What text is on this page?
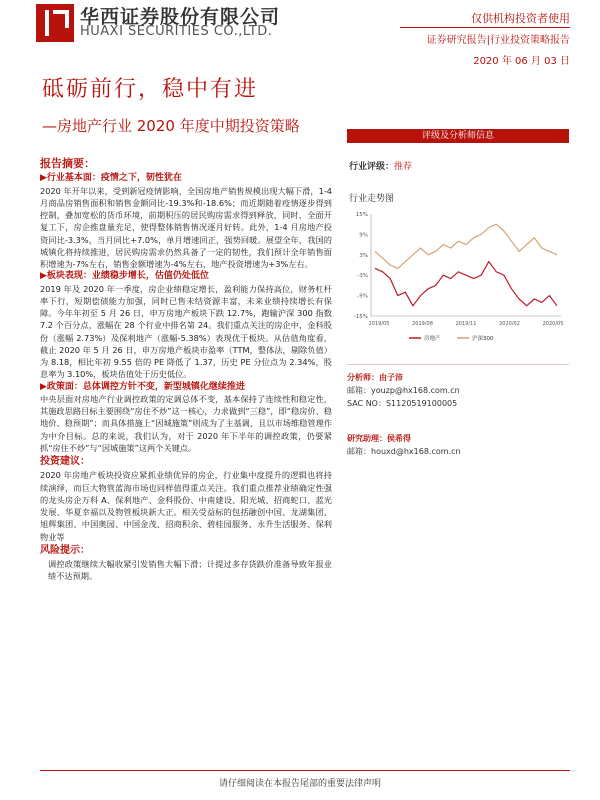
华西证券股份有限公司
HUAXI SECURITIES CO.,LTD.
仅供机构投资者使用
证券研究报告|行业投资策略报告
2020 年 06 月 03 日
砥砺前行，稳中有进
—房地产行业 2020 年度中期投资策略
报告摘要：
▶行业基本面：疫情之下，韧性犹在

2020 年开年以来，受到新冠疫情影响，全国房地产销售规模出现大幅下滑，1-4 月商品房销售面积和销售金额同比-19.3%和-18.6%；而近期随着疫情逐步得到控制，叠加宽松的货币环境，前期积压的居民购房需求得到释放，同时，全面开复工下，房企推盘量充足，使得整体销售情况逐月好转。此外，1-4 月房地产投资同比-3.3%，当月同比+7.0%，单月增速回正，强势回暖。展望全年，我国的城镇化将持续推进，居民购房需求仍然具备了一定的韧性，我们预计全年销售面积增速为-7%左右，销售金额增速为-4%左右，地产投资增速为+3%左右。

▶板块表现：业绩稳步增长，估值仍处低位

2019 年及 2020 年一季度，房企业绩稳定增长，盈利能力保持高位，财务杠杆率下行，短期偿债能力加强，同时已售未结资源丰富，未来业绩持续增长有保障。今年年初至 5 月 26 日，申万房地产板块下跌 12.7%，跑输沪深 300 指数 7.2 个百分点，涨幅在 28 个行业中排名第 24。我们重点关注的房企中，金科股份（涨幅 2.73%）及保利地产（涨幅-5.38%）表现优于板块。从估值角度看，截止 2020 年 5 月 26 日，申万房地产板块市盈率（TTM，整体法，剔除负值）为 8.18，相比年初 9.55 倍的 PE 降低了 1.37，历史 PE 分位点为 2.34%，股息率为 3.10%，板块估值处于历史低位。

▶政策面：总体调控方针不变，新型城镇化继续推进

中央层面对房地产行业调控政策的定调总体不变，基本保持了连续性和稳定性，其施政思路目标主要围绕“房住不炒”这一核心，力求做到“三稳”，即“稳房价、稳地价、稳预期”；而具体措施上“因城施策”则成为了主基调，且以市场维稳管理作为中介目标。总的来说，我们认为，对于 2020 年下半年的调控政策，仍要紧抓“房住不炒”与“因城施策”这两个关键点。

投资建议：

2020 年房地产板块投资应紧抓业绩优异的房企，行业集中度提升的逻辑也将持续演绎，而巨大物管蓝海市场也同样值得重点关注。我们重点推荐业绩确定性强的龙头房企万科 A、保利地产、金科股份、中南建设、阳光城、招商蛇口、蓝光发展、华夏幸福以及物管板块新大正。相关受益标的包括融创中国、龙湖集团、旭辉集团、中国奥园、中国金茂、招商积余、碧桂园服务、永升生活服务、保利物业等

风险提示：

调控政策继续大幅收紧引发销售大幅下滑；计提过多存货跌价准备导致年报业绩不达预期。

评级及分析师信息
行业评级：推荐
行业走势图
15%
9%
3%
-3%
-9%
-15%
2019/05	2019/08	2019/11	2020/02	2020/05
房地产	沪深300
分析师：由子沛
邮箱：youzp@hx168.com.cn
SAC NO：S1120519100005
研究助理：侯希得
邮箱：houxd@hx168.com.cn
请仔细阅读在本报告尾部的重要法律声明
